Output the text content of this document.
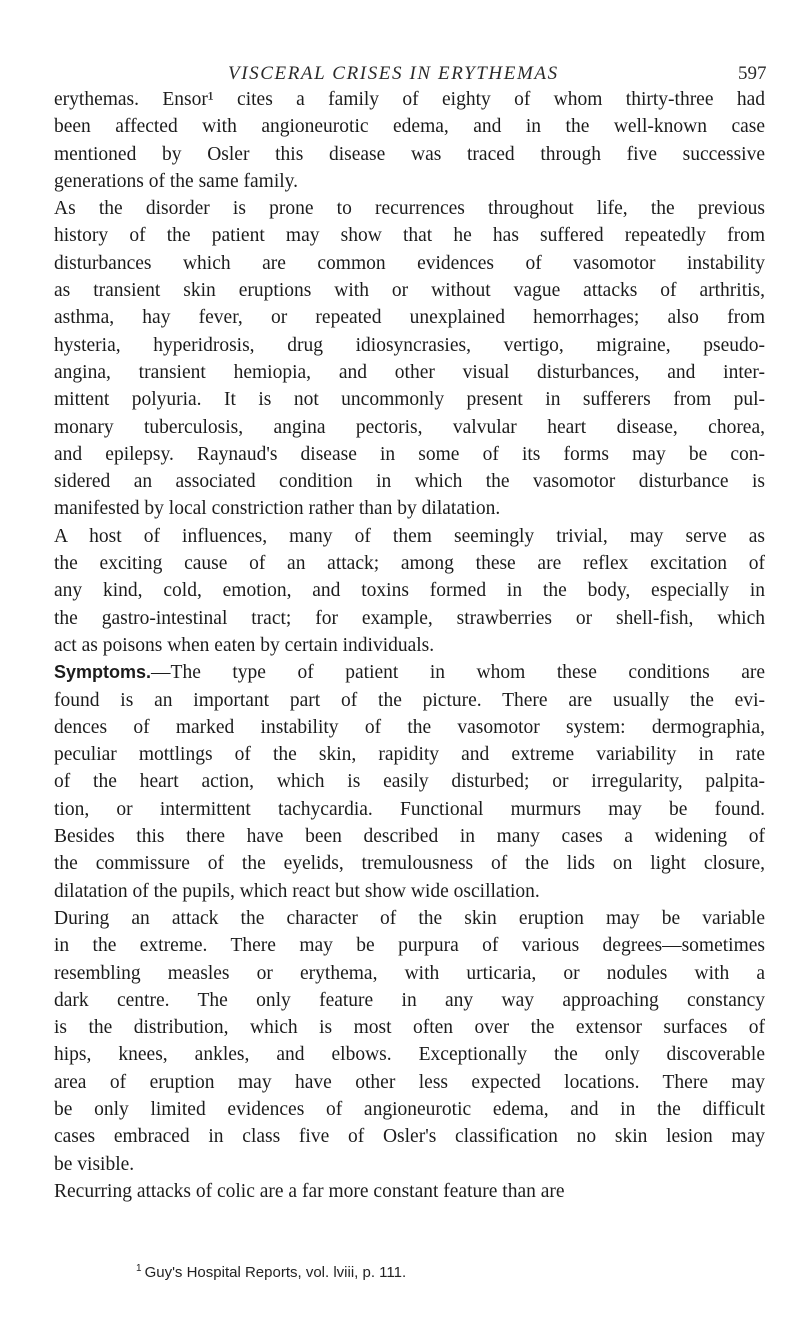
VISCERAL CRISES IN ERYTHEMAS	597
erythemas. Ensor¹ cites a family of eighty of whom thirty-three had
been affected with angioneurotic edema, and in the well-known case
mentioned by Osler this disease was traced through five successive
generations of the same family.
As the disorder is prone to recurrences throughout life, the previous
history of the patient may show that he has suffered repeatedly from
disturbances which are common evidences of vasomotor instability
as transient skin eruptions with or without vague attacks of arthritis,
asthma, hay fever, or repeated unexplained hemorrhages; also from
hysteria, hyperidrosis, drug idiosyncrasies, vertigo, migraine, pseudo-
angina, transient hemiopia, and other visual disturbances, and inter-
mittent polyuria. It is not uncommonly present in sufferers from pul-
monary tuberculosis, angina pectoris, valvular heart disease, chorea,
and epilepsy. Raynaud's disease in some of its forms may be con-
sidered an associated condition in which the vasomotor disturbance is
manifested by local constriction rather than by dilatation.
A host of influences, many of them seemingly trivial, may serve as
the exciting cause of an attack; among these are reflex excitation of
any kind, cold, emotion, and toxins formed in the body, especially in
the gastro-intestinal tract; for example, strawberries or shell-fish, which
act as poisons when eaten by certain individuals.
Symptoms.—The type of patient in whom these conditions are
found is an important part of the picture. There are usually the evi-
dences of marked instability of the vasomotor system: dermographia,
peculiar mottlings of the skin, rapidity and extreme variability in rate
of the heart action, which is easily disturbed; or irregularity, palpita-
tion, or intermittent tachycardia. Functional murmurs may be found.
Besides this there have been described in many cases a widening of
the commissure of the eyelids, tremulousness of the lids on light closure,
dilatation of the pupils, which react but show wide oscillation.
During an attack the character of the skin eruption may be variable
in the extreme. There may be purpura of various degrees—sometimes
resembling measles or erythema, with urticaria, or nodules with a
dark centre. The only feature in any way approaching constancy
is the distribution, which is most often over the extensor surfaces of
hips, knees, ankles, and elbows. Exceptionally the only discoverable
area of eruption may have other less expected locations. There may
be only limited evidences of angioneurotic edema, and in the difficult
cases embraced in class five of Osler's classification no skin lesion may
be visible.
Recurring attacks of colic are a far more constant feature than are
$^1$ Guy's Hospital Reports, vol. lviii, p. 111.
